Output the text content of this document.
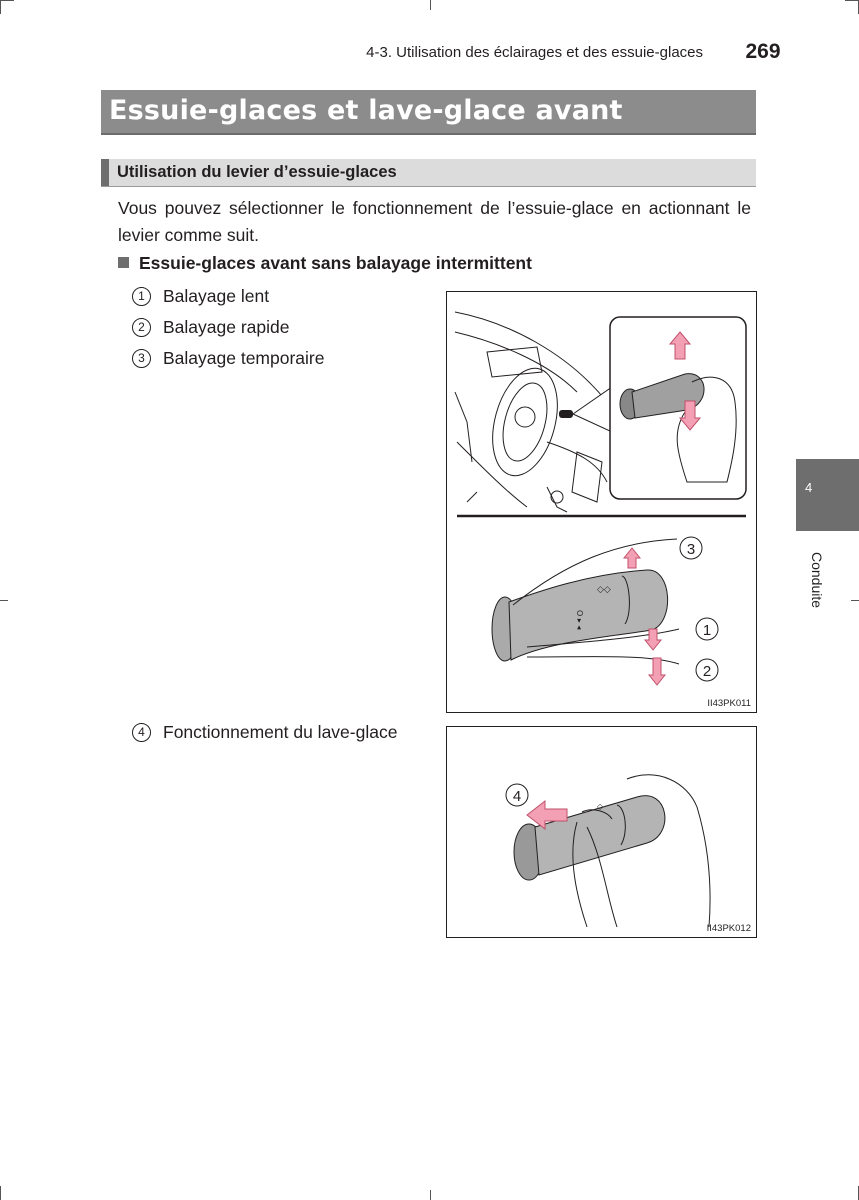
4-3. Utilisation des éclairages et des essuie-glaces	269
Essuie-glaces et lave-glace avant
Utilisation du levier d’essuie-glaces

Vous pouvez sélectionner le fonctionnement de l’essuie-glace en actionnant le levier comme suit.

Essuie-glaces avant sans balayage intermittent
1 Balayage lent
2 Balayage rapide
3 Balayage temporaire
4 Fonctionnement du lave-glace
◇◇
O ▸ ◂
3
1
2
II43PK011
◇
4
II43PK012
4
Conduite
